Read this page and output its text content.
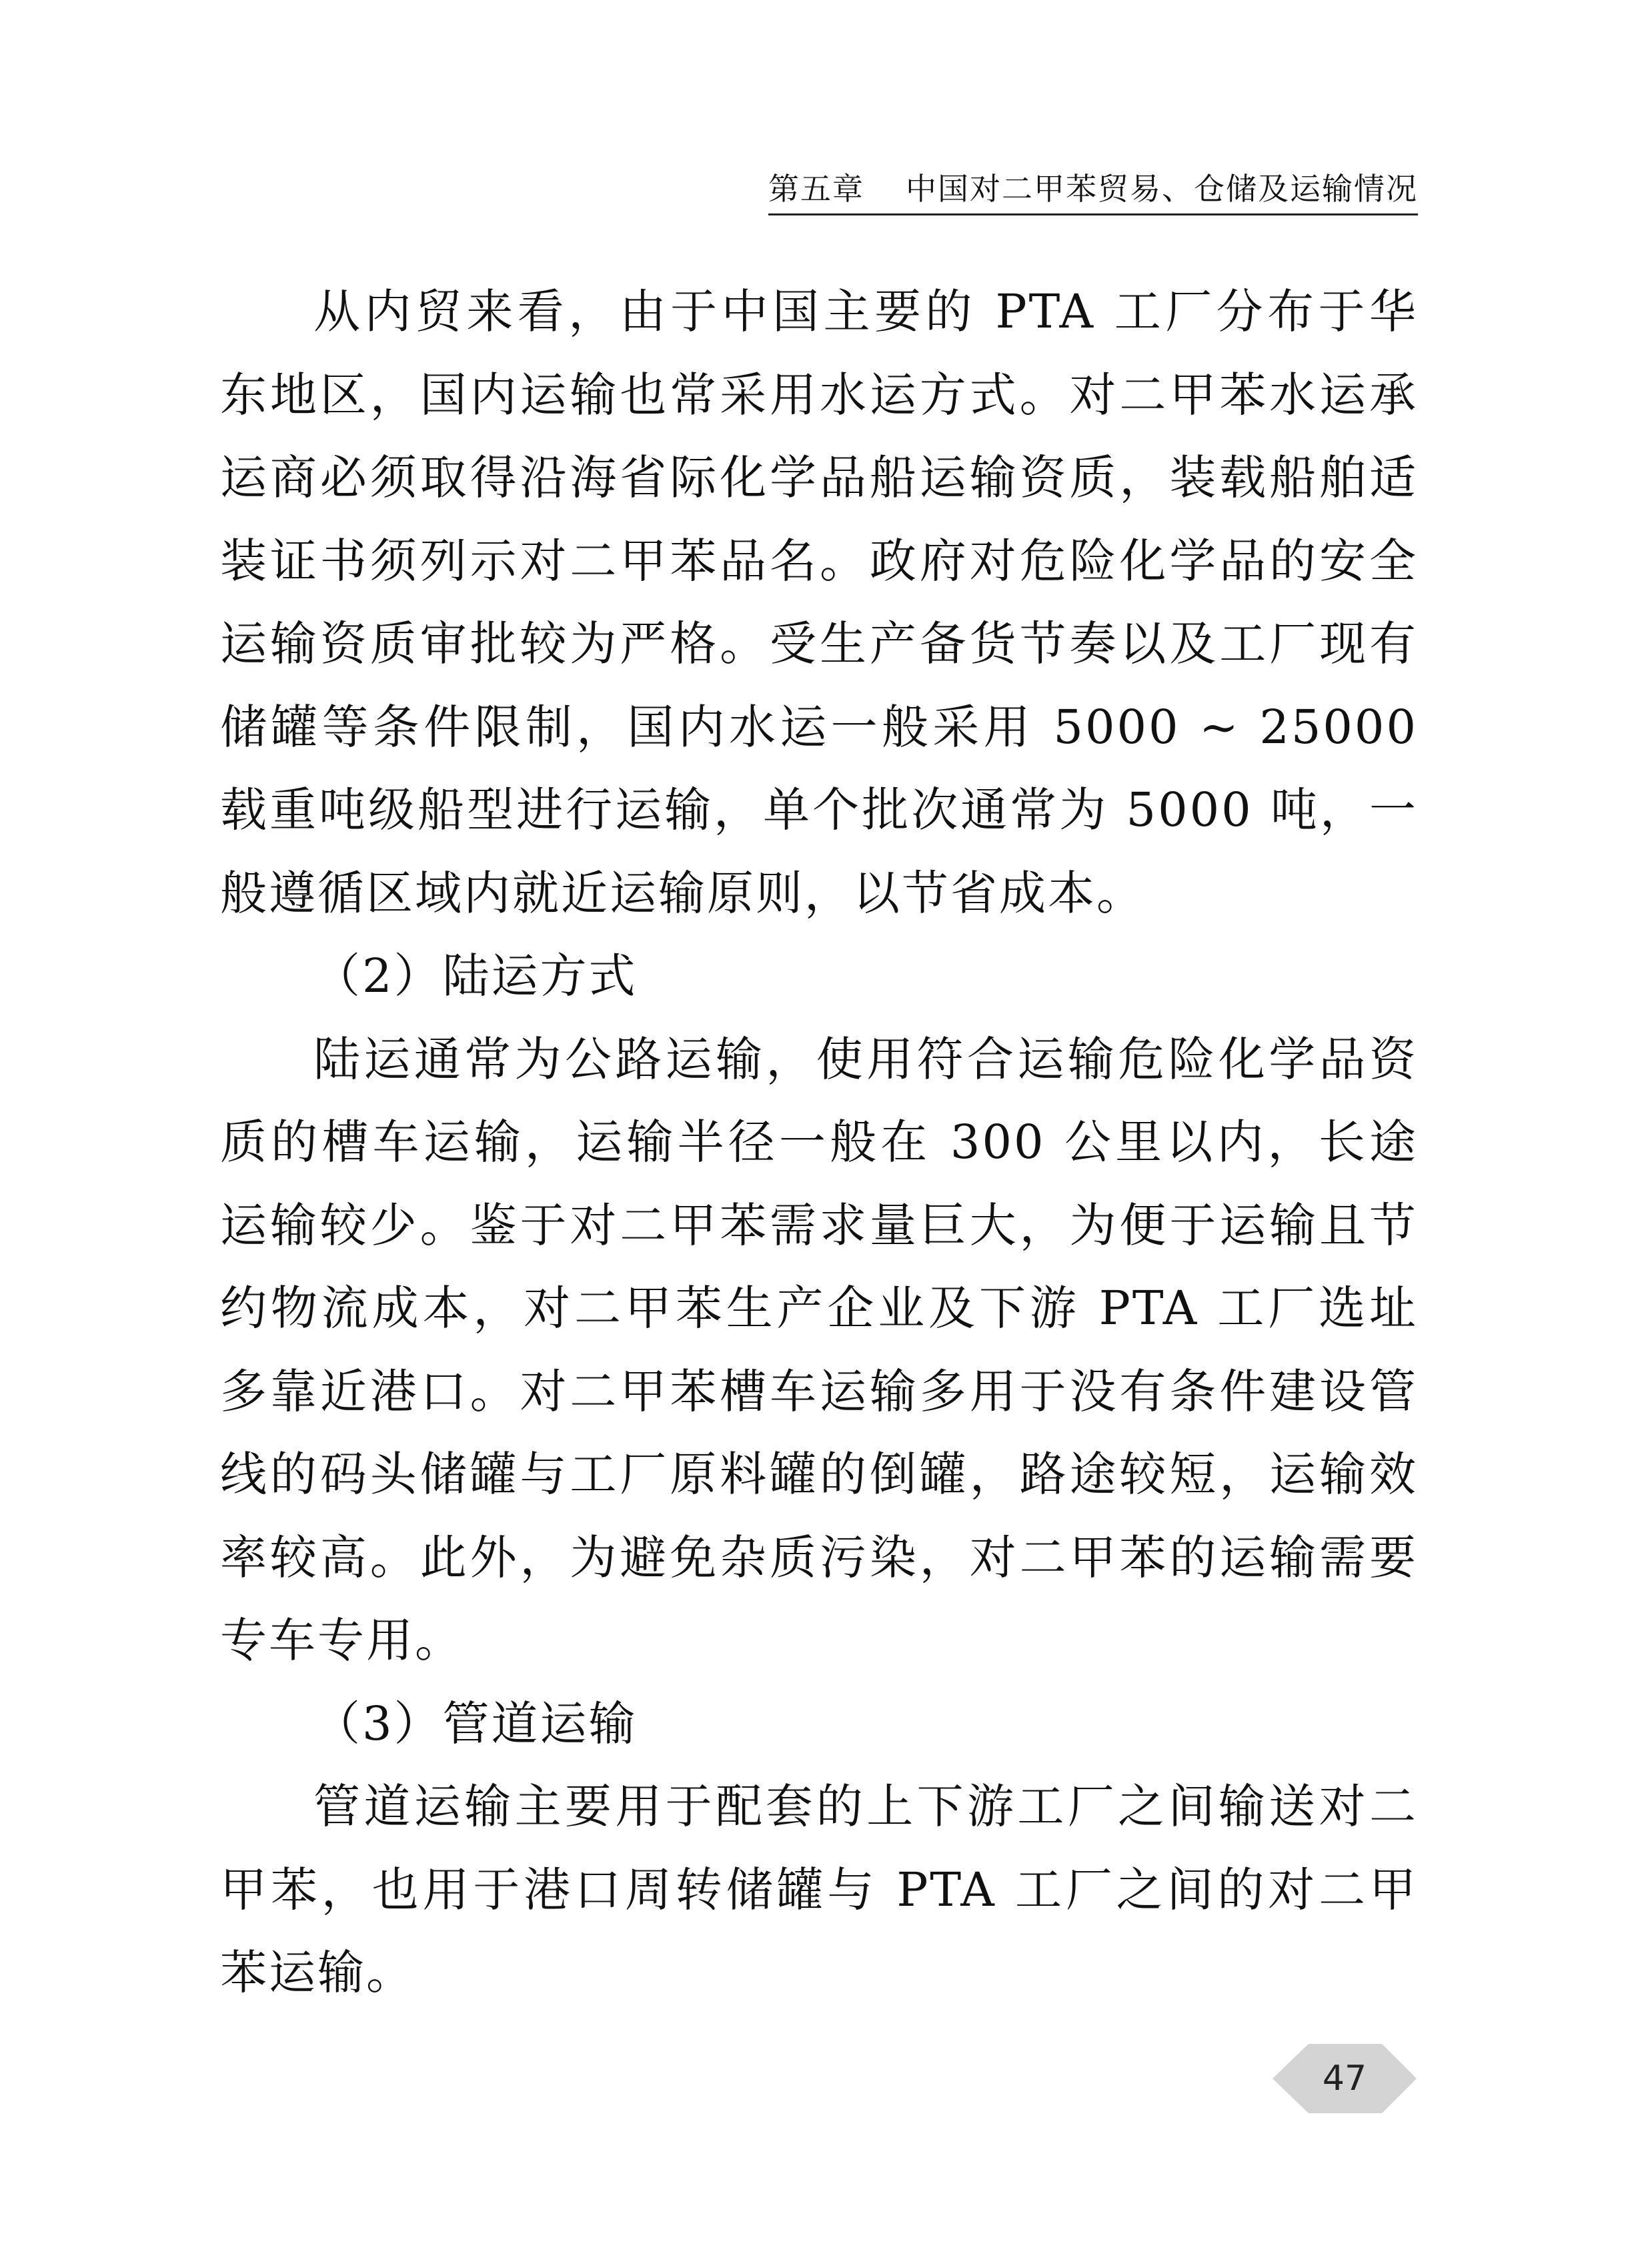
第五章 中国对二甲苯贸易、仓储及运输情况

从内贸来看，由于中国主要的 PTA 工厂分布于华东地区，国内运输也常采用水运方式。对二甲苯水运承运商必须取得沿海省际化学品船运输资质，装载船舶适装证书须列示对二甲苯品名。政府对危险化学品的安全运输资质审批较为严格。受生产备货节奏以及工厂现有储罐等条件限制，国内水运一般采用 5000 ~ 25000 载重吨级船型进行运输，单个批次通常为 5000 吨，一般遵循区域内就近运输原则，以节省成本。

（2）陆运方式

陆运通常为公路运输，使用符合运输危险化学品资质的槽车运输，运输半径一般在 300 公里以内，长途运输较少。鉴于对二甲苯需求量巨大，为便于运输且节约物流成本，对二甲苯生产企业及下游 PTA 工厂选址多靠近港口。对二甲苯槽车运输多用于没有条件建设管线的码头储罐与工厂原料罐的倒罐，路途较短，运输效率较高。此外，为避免杂质污染，对二甲苯的运输需要专车专用。

（3）管道运输

管道运输主要用于配套的上下游工厂之间输送对二甲苯，也用于港口周转储罐与 PTA 工厂之间的对二甲苯运输。

47
